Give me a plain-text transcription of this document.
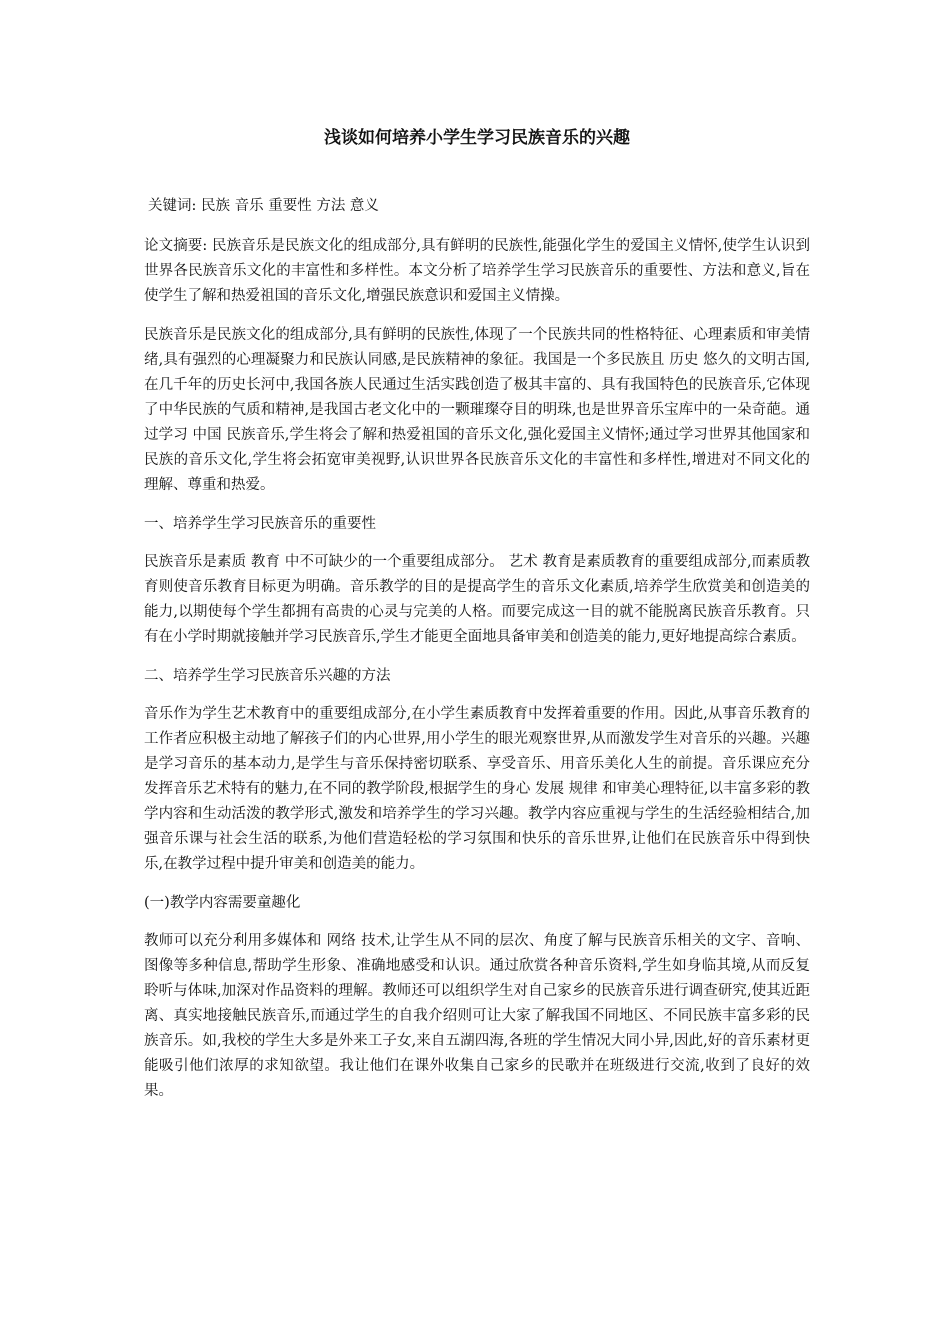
浅谈如何培养小学生学习民族音乐的兴趣
关键词: 民族 音乐 重要性 方法 意义
论文摘要: 民族音乐是民族文化的组成部分,具有鲜明的民族性,能强化学生的爱国主义情怀,使学生认识到世界各民族音乐文化的丰富性和多样性。本文分析了培养学生学习民族音乐的重要性、方法和意义,旨在使学生了解和热爱祖国的音乐文化,增强民族意识和爱国主义情操。
民族音乐是民族文化的组成部分,具有鲜明的民族性,体现了一个民族共同的性格特征、心理素质和审美情绪,具有强烈的心理凝聚力和民族认同感,是民族精神的象征。我国是一个多民族且 历史 悠久的文明古国,在几千年的历史长河中,我国各族人民通过生活实践创造了极其丰富的、具有我国特色的民族音乐,它体现了中华民族的气质和精神,是我国古老文化中的一颗璀璨夺目的明珠,也是世界音乐宝库中的一朵奇葩。通过学习 中国 民族音乐,学生将会了解和热爱祖国的音乐文化,强化爱国主义情怀;通过学习世界其他国家和民族的音乐文化,学生将会拓宽审美视野,认识世界各民族音乐文化的丰富性和多样性,增进对不同文化的理解、尊重和热爱。
一、培养学生学习民族音乐的重要性
民族音乐是素质 教育 中不可缺少的一个重要组成部分。 艺术 教育是素质教育的重要组成部分,而素质教育则使音乐教育目标更为明确。音乐教学的目的是提高学生的音乐文化素质,培养学生欣赏美和创造美的能力,以期使每个学生都拥有高贵的心灵与完美的人格。而要完成这一目的就不能脱离民族音乐教育。只有在小学时期就接触并学习民族音乐,学生才能更全面地具备审美和创造美的能力,更好地提高综合素质。
二、培养学生学习民族音乐兴趣的方法
音乐作为学生艺术教育中的重要组成部分,在小学生素质教育中发挥着重要的作用。因此,从事音乐教育的工作者应积极主动地了解孩子们的内心世界,用小学生的眼光观察世界,从而激发学生对音乐的兴趣。兴趣是学习音乐的基本动力,是学生与音乐保持密切联系、享受音乐、用音乐美化人生的前提。音乐课应充分发挥音乐艺术特有的魅力,在不同的教学阶段,根据学生的身心 发展 规律 和审美心理特征,以丰富多彩的教学内容和生动活泼的教学形式,激发和培养学生的学习兴趣。教学内容应重视与学生的生活经验相结合,加强音乐课与社会生活的联系,为他们营造轻松的学习氛围和快乐的音乐世界,让他们在民族音乐中得到快乐,在教学过程中提升审美和创造美的能力。
(一)教学内容需要童趣化
教师可以充分利用多媒体和 网络 技术,让学生从不同的层次、角度了解与民族音乐相关的文字、音响、图像等多种信息,帮助学生形象、准确地感受和认识。通过欣赏各种音乐资料,学生如身临其境,从而反复聆听与体味,加深对作品资料的理解。教师还可以组织学生对自己家乡的民族音乐进行调查研究,使其近距离、真实地接触民族音乐,而通过学生的自我介绍则可让大家了解我国不同地区、不同民族丰富多彩的民族音乐。如,我校的学生大多是外来工子女,来自五湖四海,各班的学生情况大同小异,因此,好的音乐素材更能吸引他们浓厚的求知欲望。我让他们在课外收集自己家乡的民歌并在班级进行交流,收到了良好的效果。
